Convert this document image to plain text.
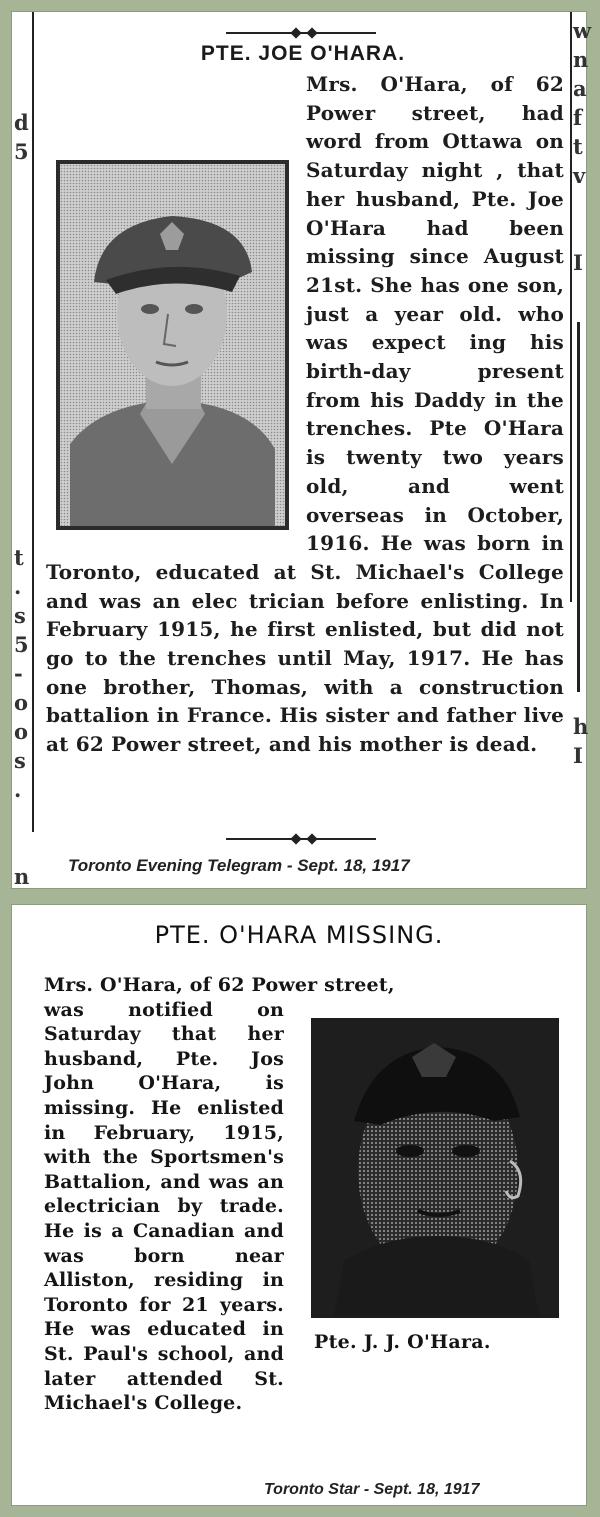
d
5

t
.
s
5
-
o
o
s
.

n
w
n
a
f
t
v

I

h
I
PTE. JOE O'HARA.

Mrs. O'Hara, of 62 Power street, had word from Ottawa on Saturday night , that her husband, Pte. Joe O'Hara had been missing since August 21st. She has one son, just a year old. who was expect ing his birth-day present from his Daddy in the trenches. Pte O'Hara is twenty two years old, and went overseas in October, 1916. He was born in Toronto, educated at St. Michael's College and was an elec trician before enlisting. In February 1915, he first enlisted, but did not go to the trenches until May, 1917. He has one brother, Thomas, with a construction battalion in France. His sister and father live at 62 Power street, and his mother is dead.

Toronto Evening Telegram - Sept. 18, 1917

PTE. O'HARA MISSING.

Mrs. O'Hara, of 62 Power street,

was notified on Saturday that her husband, Pte. Jos John O'Hara, is missing. He enlisted in February, 1915, with the Sportsmen's Battalion, and was an electrician by trade. He is a Canadian and was born near Alliston, residing in Toronto for 21 years. He was educated in St. Paul's school, and later attended St. Michael's College.

Pte. J. J. O'Hara.

Toronto Star - Sept. 18, 1917
